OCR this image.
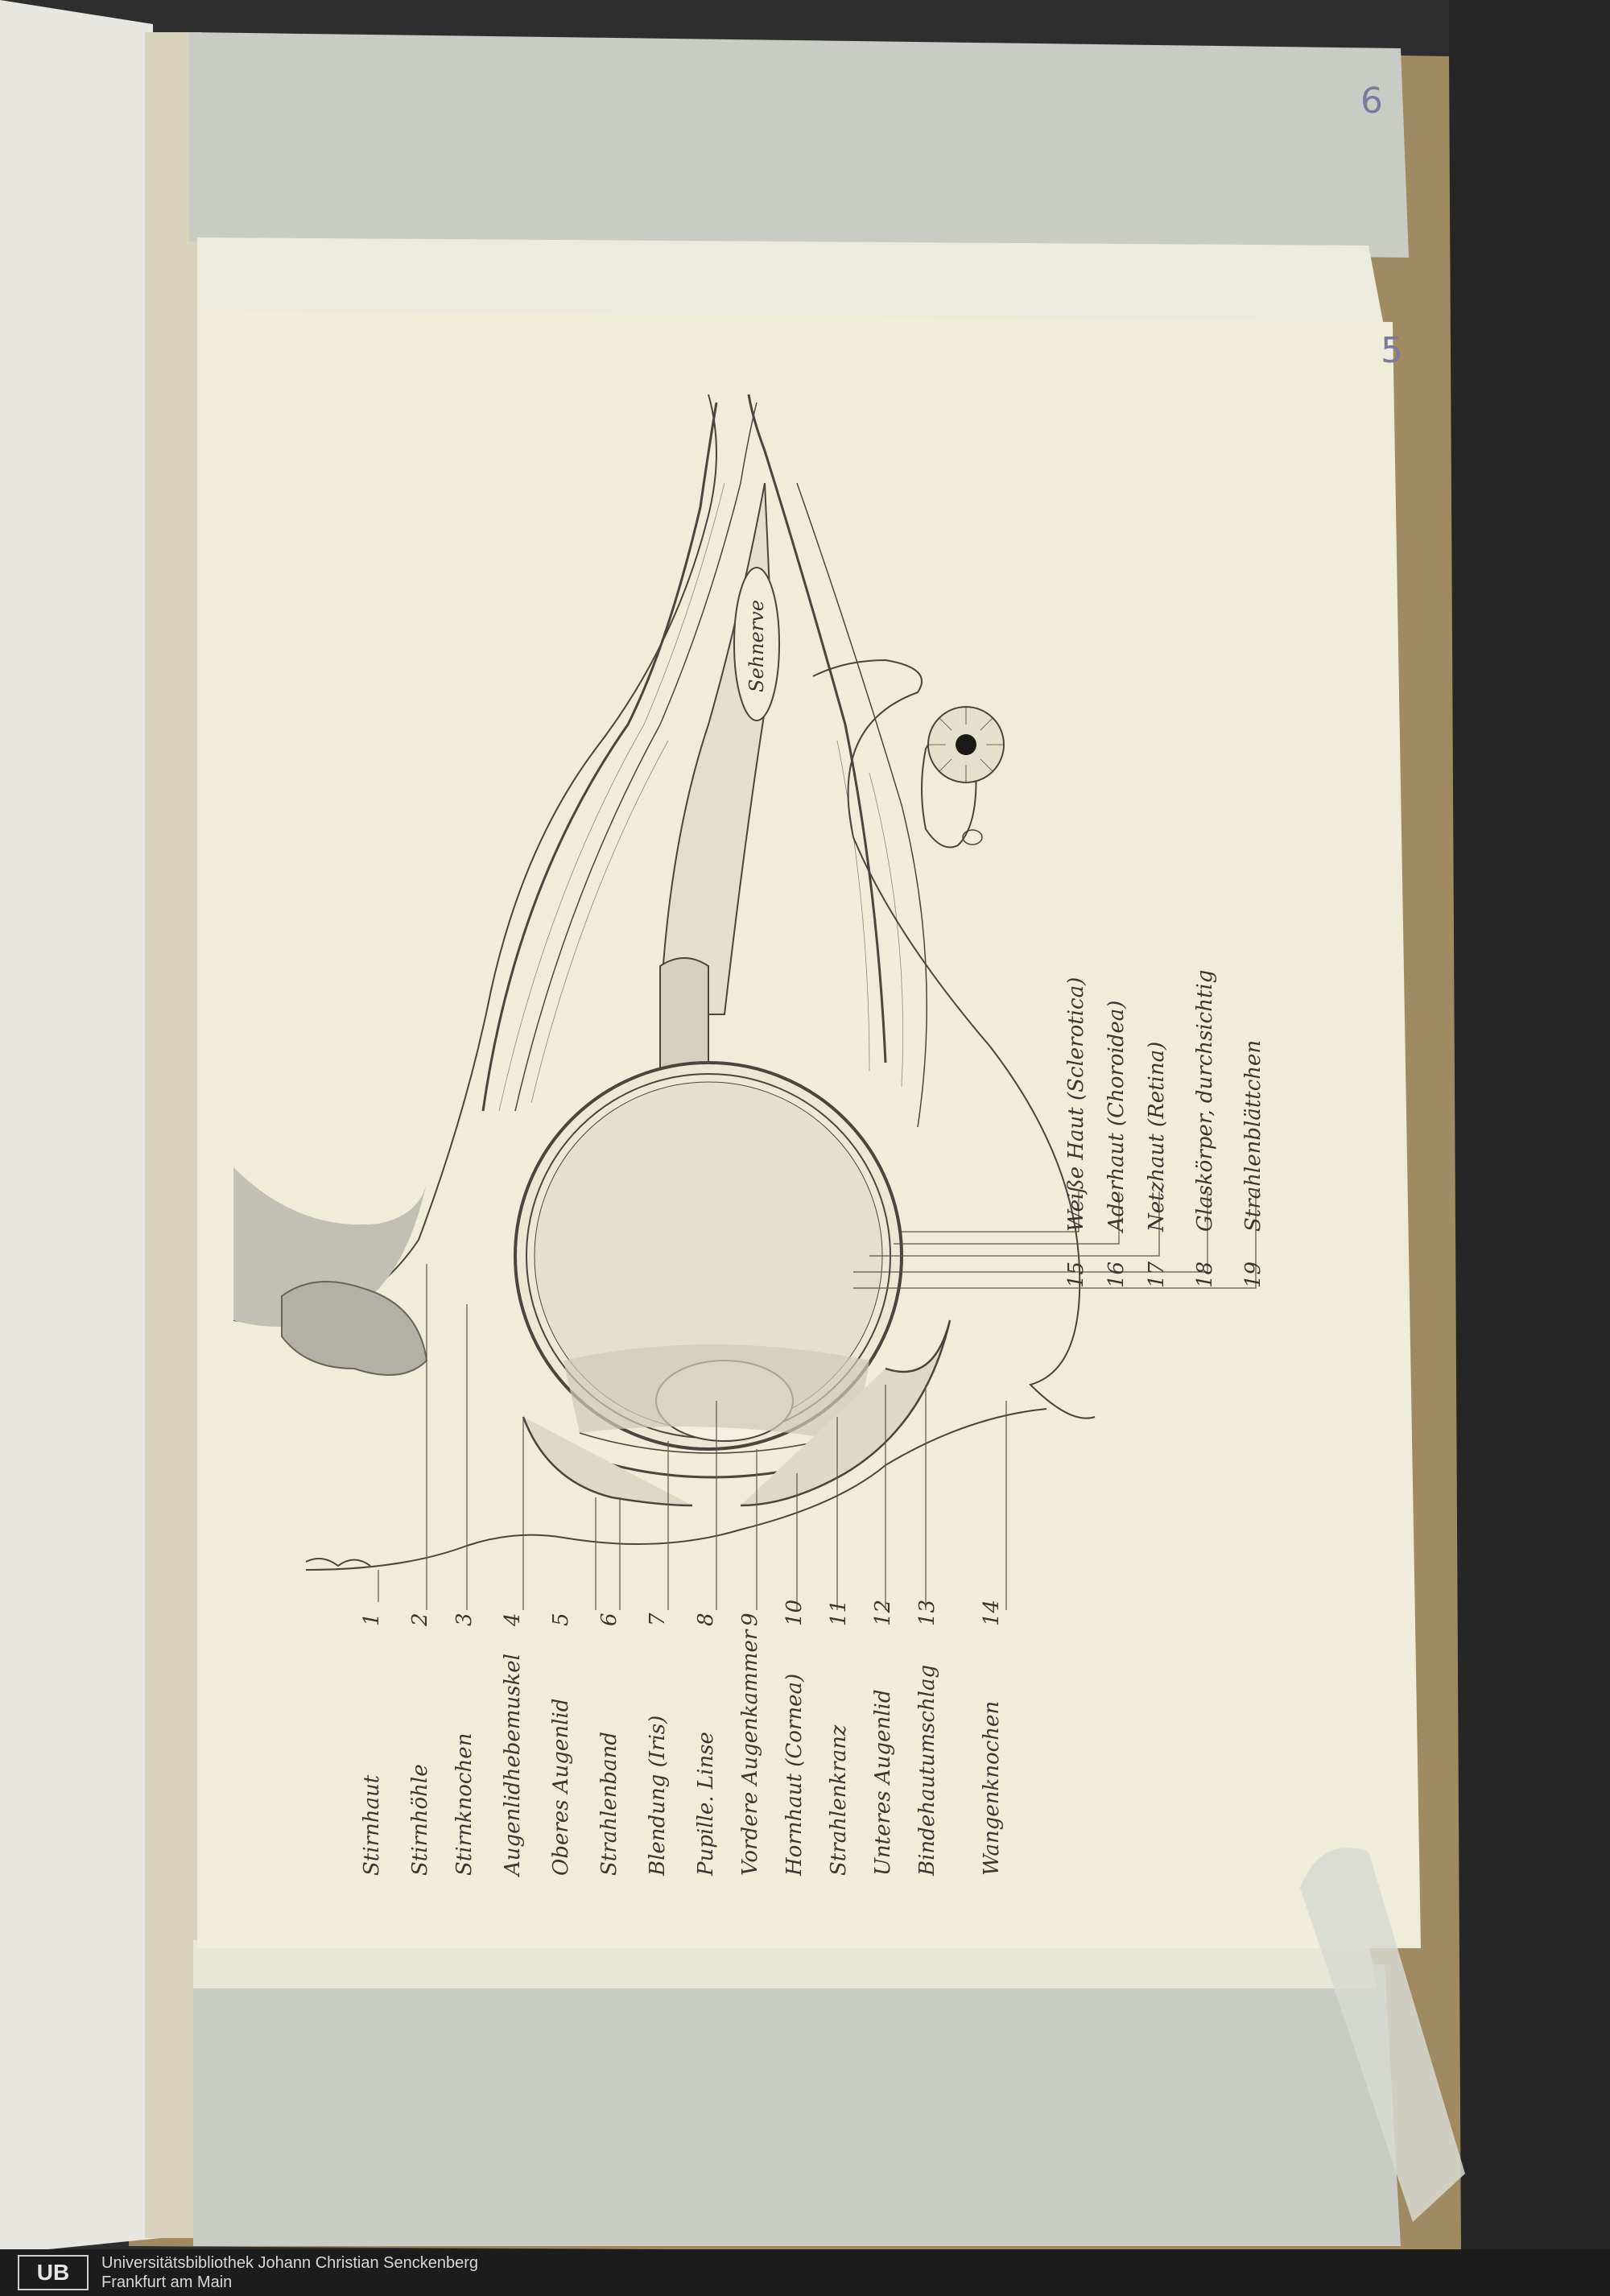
6
5
Sehnerve
Stirnhaut
1
Stirnhöhle
2
Stirnknochen
3
Augenlidhebemuskel
4
Oberes Augenlid
5
Strahlenband
6
Blendung (Iris)
7
Pupille. Linse
8
Vordere Augenkammer
9
Hornhaut (Cornea)
10
Strahlenkranz
11
Unteres Augenlid
12
Bindehautumschlag
13
Wangenknochen
14
15
Weiße Haut (Sclerotica)
16
Aderhaut (Choroidea)
17
Netzhaut (Retina)
18
Glaskörper, durchsichtig
19
Strahlenblättchen
UB	Universitätsbibliothek Johann Christian Senckenberg
Frankfurt am Main
